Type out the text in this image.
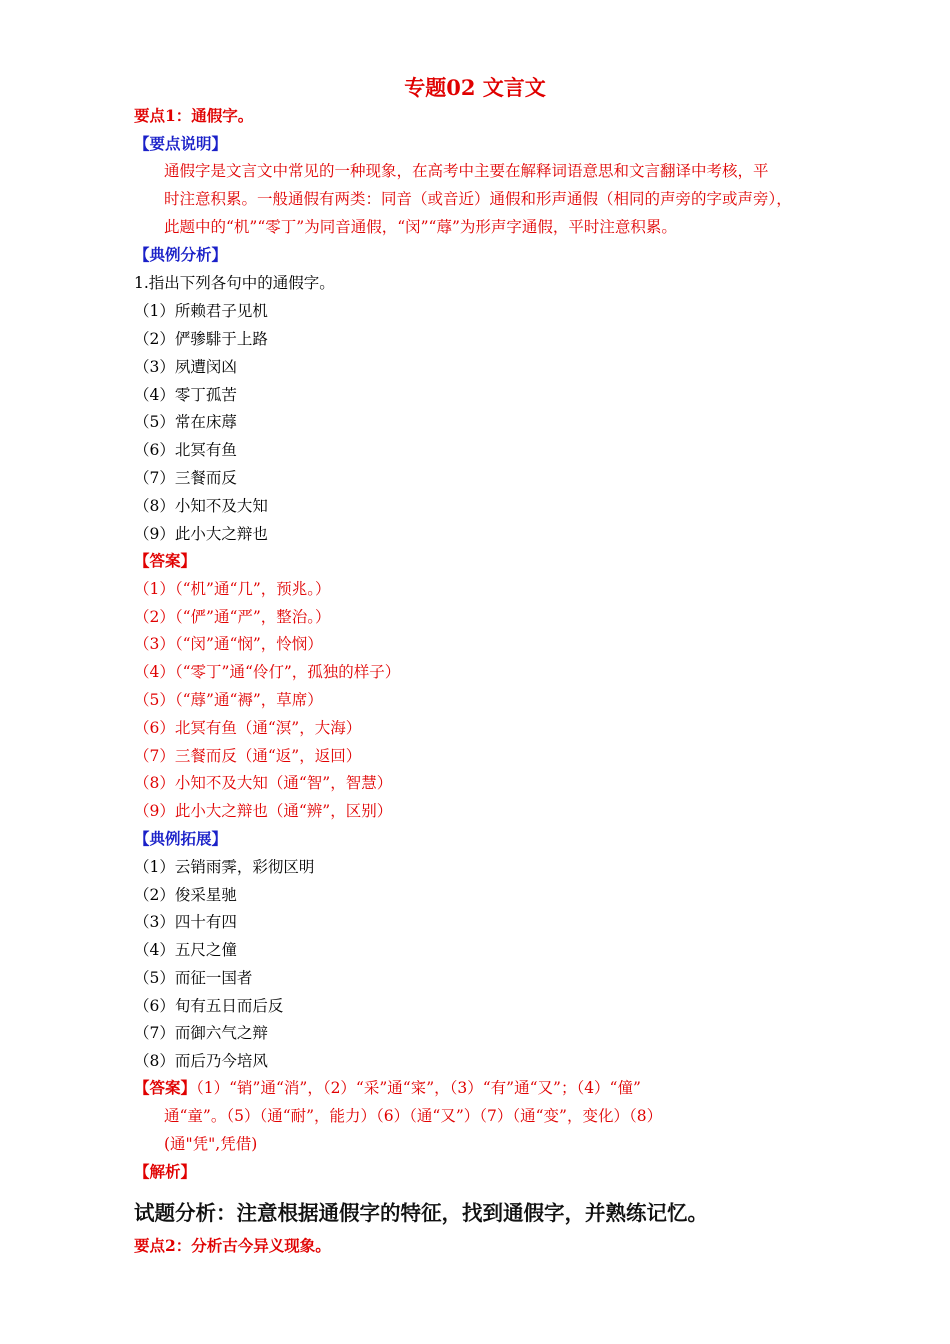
专题02 文言文
要点1：通假字。
【要点说明】
通假字是文言文中常见的一种现象，在高考中主要在解释词语意思和文言翻译中考核，平
时注意积累。一般通假有两类：同音（或音近）通假和形声通假（相同的声旁的字或声旁），
此题中的“机”“零丁”为同音通假，“闵”“蓐”为形声字通假，平时注意积累。
【典例分析】
1.指出下列各句中的通假字。
（1）所赖君子见机
（2）俨骖騑于上路
（3）夙遭闵凶
（4）零丁孤苦
（5）常在床蓐
（6）北冥有鱼
（7）三餐而反
（8）小知不及大知
（9）此小大之辩也
【答案】
（1）（“机”通“几”，预兆。）
（2）（“俨”通“严”，整治。）
（3）（“闵”通“悯”，怜悯）
（4）（“零丁”通“伶仃”，孤独的样子）
（5）（“蓐”通“褥”，草席）
（6）北冥有鱼（通“溟”，大海）
（7）三餐而反（通“返”，返回）
（8）小知不及大知（通“智”，智慧）
（9）此小大之辩也（通“辨”，区别）
【典例拓展】
（1）云销雨霁，彩彻区明
（2）俊采星驰
（3）四十有四
（4）五尺之僮
（5）而征一国者
（6）旬有五日而后反
（7）而御六气之辩
（8）而后乃今培风
【答案】（1）“销”通“消”，（2）“采”通“寀”，（3）“有”通“又”；（4）“僮”
通“童”。（5）（通“耐”，能力）（6）（通“又”）（7）（通“变”，变化）（8）
(通"凭",凭借)
【解析】
试题分析：注意根据通假字的特征，找到通假字，并熟练记忆。
要点2：分析古今异义现象。
